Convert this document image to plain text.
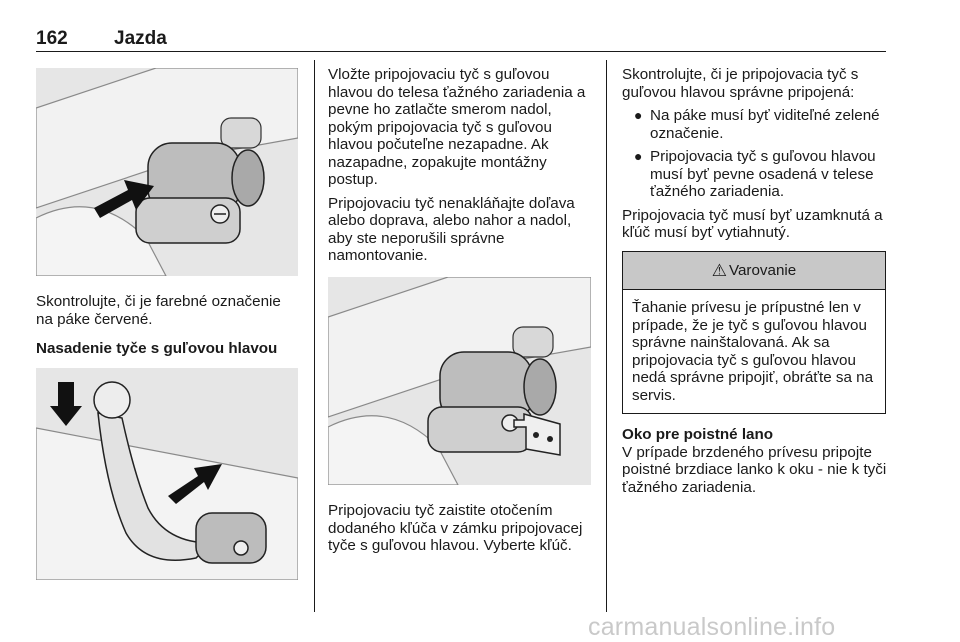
162 Jazda

Skontrolujte, či je farebné označenie na páke červené.

Nasadenie tyče s guľovou hlavou

Vložte pripojovaciu tyč s guľovou hlavou do telesa ťažného zariadenia a pevne ho zatlačte smerom nadol, pokým pripojovacia tyč s guľovou hlavou počuteľne nezapadne. Ak nazapadne, zopakujte montážny postup.

Pripojovaciu tyč nenakláňajte doľava alebo doprava, alebo nahor a nadol, aby ste neporušili správne namontovanie.

Pripojovaciu tyč zaistite otočením dodaného kľúča v zámku pripojovacej tyče s guľovou hlavou. Vyberte kľúč.

Skontrolujte, či je pripojovacia tyč s guľovou hlavou správne pripojená:

● Na páke musí byť viditeľné zelené označenie.
● Pripojovacia tyč s guľovou hlavou musí byť pevne osadená v telese ťažného zariadenia.

Pripojovacia tyč musí byť uzamknutá a kľúč musí byť vytiahnutý.

⚠ Varovanie
Ťahanie prívesu je prípustné len v prípade, že je tyč s guľovou hlavou správne nainštalovaná. Ak sa pripojovacia tyč s guľovou hlavou nedá správne pripojiť, obráťte sa na servis.
Oko pre poistné lano

V prípade brzdeného prívesu pripojte poistné brzdiace lanko k oku - nie k tyči ťažného zariadenia.

carmanualsonline.info
